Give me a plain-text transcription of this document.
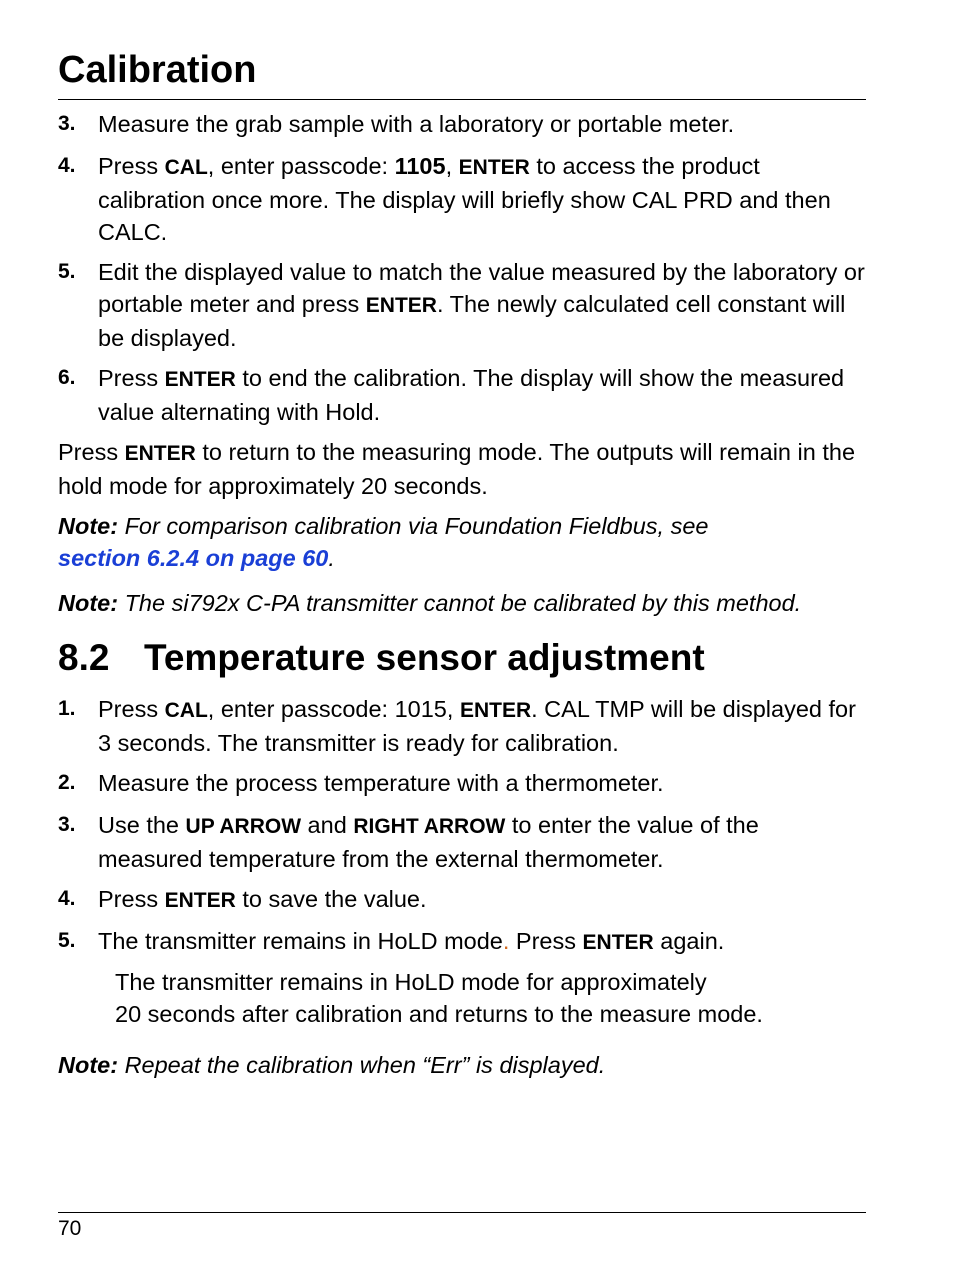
Calibration
3. Measure the grab sample with a laboratory or portable meter.
4. Press CAL, enter passcode: 1105, ENTER to access the product calibration once more. The display will briefly show CAL PRD and then CALC.
5. Edit the displayed value to match the value measured by the laboratory or portable meter and press ENTER. The newly calculated cell constant will be displayed.
6. Press ENTER to end the calibration. The display will show the measured value alternating with Hold.

Press ENTER to return to the measuring mode. The outputs will remain in the hold mode for approximately 20 seconds.

Note: For comparison calibration via Foundation Fieldbus, see
section 6.2.4 on page 60.

Note: The si792x C-PA transmitter cannot be calibrated by this method.

8.2 Temperature sensor adjustment
1. Press CAL, enter passcode: 1015, ENTER. CAL TMP will be displayed for 3 seconds. The transmitter is ready for calibration.
2. Measure the process temperature with a thermometer.
3. Use the UP ARROW and RIGHT ARROW to enter the value of the measured temperature from the external thermometer.
4. Press ENTER to save the value.
5. The transmitter remains in HoLD mode. Press ENTER again.

The transmitter remains in HoLD mode for approximately
20 seconds after calibration and returns to the measure mode.

Note: Repeat the calibration when “Err” is displayed.

70
